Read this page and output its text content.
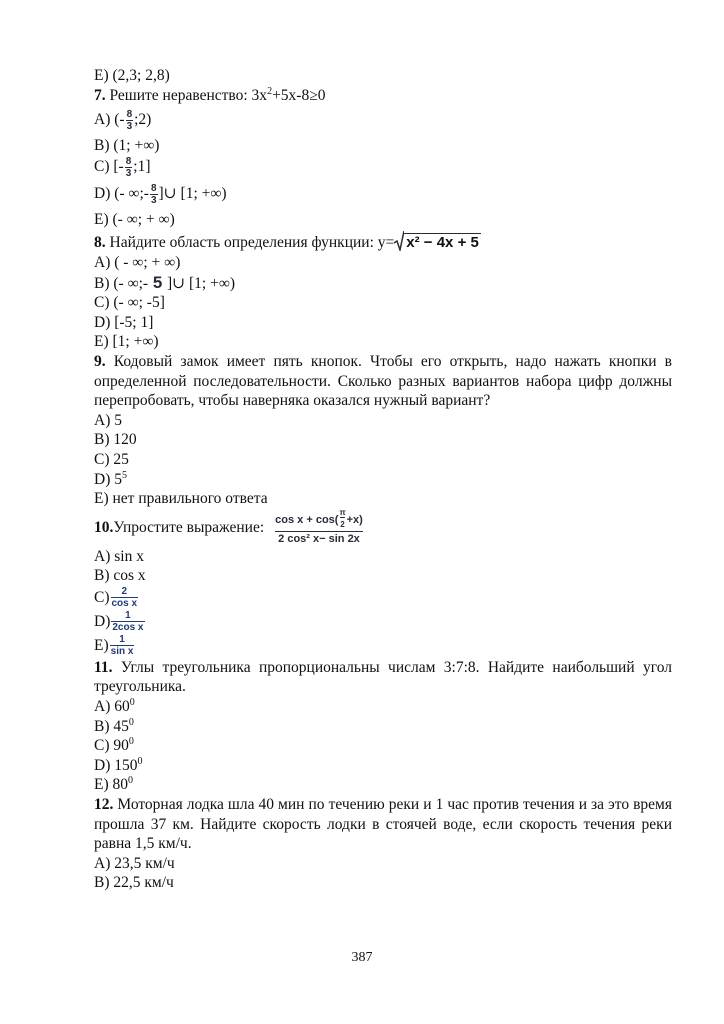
E) (2,3; 2,8)
7. Решите неравенство: $3x^2+5x-8\ge 0$
A) (- $\frac{8}{3}$ ;2)
B) (1; +∞)
C) [- $\frac{8}{3}$ ;1]
D) (- ∞;- $\frac{8}{3}$ ]∪ [1; +∞)
E) (- ∞; + ∞)
8. Найдите область определения функции: y= x² − 4x + 5
A) ( - ∞; + ∞)
B) (- ∞;- 5 ]∪ [1; +∞)
C) (- ∞; -5]
D) [-5; 1]
E) [1; +∞)
9. Кодовый замок имеет пять кнопок. Чтобы его открыть, надо нажать кнопки в определенной последовательности. Сколько разных вариантов набора цифр должны перепробовать, чтобы наверняка оказался нужный вариант?
A) 5
B) 120
C) 25
D) $5^5$
E) нет правильного ответа
10. Упростите выражение: $\frac{\cos x + \cos( \frac{\pi}{2} +x)}{\text{2 cos² x− sin 2x}}$
A) sin x
B) cos x
$C) \frac{2}{\text{cos x}}$
$D) \frac{1}{\text{2cos x}}$
$E) \frac{1}{\text{sin x}}$
11. Углы треугольника пропорциональны числам 3:7:8. Найдите наибольший угол треугольника.
A) $60^0$
B) $45^0$
C) $90^0$
D) $150^0$
E) $80^0$
12. Моторная лодка шла 40 мин по течению реки и 1 час против течения и за это время прошла 37 км. Найдите скорость лодки в стоячей воде, если скорость течения реки равна 1,5 км/ч.
A) 23,5 км/ч
B) 22,5 км/ч
387
